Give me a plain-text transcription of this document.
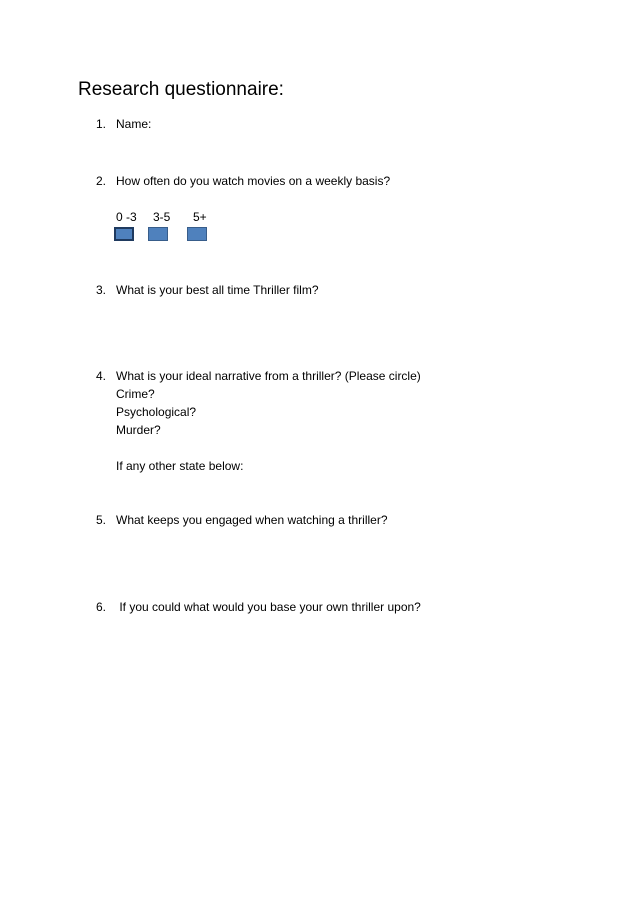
Research questionnaire:
1. Name:
2. How often do you watch movies on a weekly basis?
0 -3 3-5 5+
3. What is your best all time Thriller film?
4. What is your ideal narrative from a thriller? (Please circle)
Crime?
Psychological?
Murder?
If any other state below:
5. What keeps you engaged when watching a thriller?
6. If you could what would you base your own thriller upon?
